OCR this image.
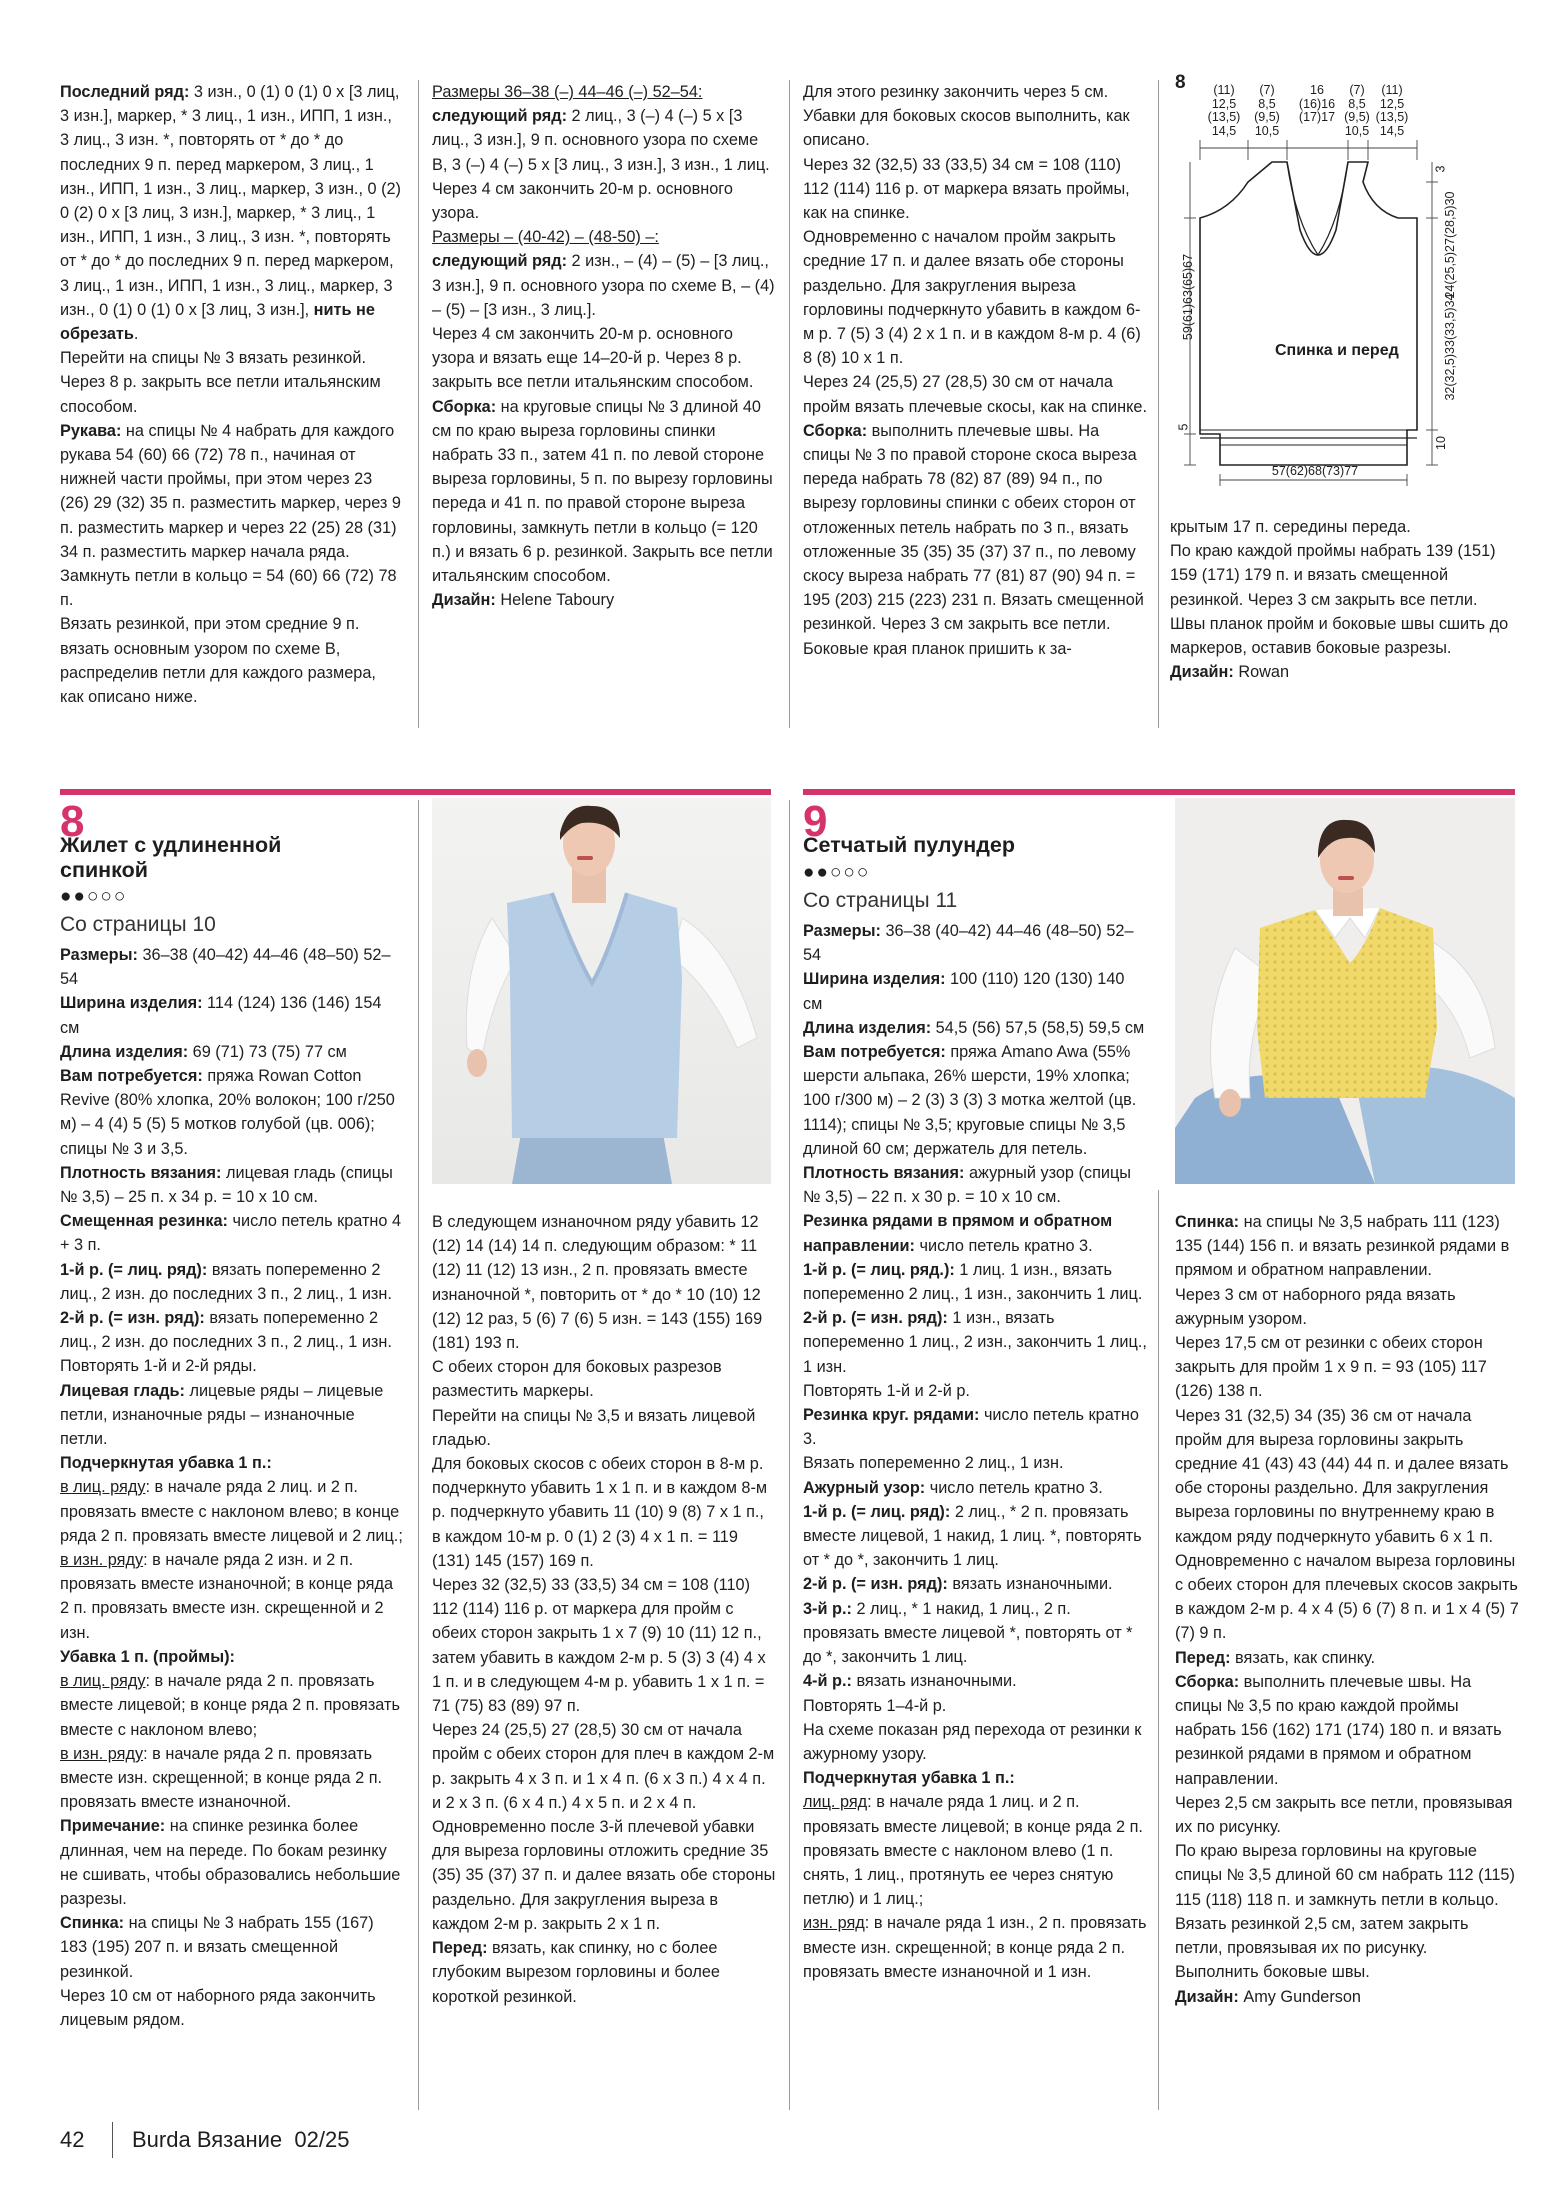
Последний ряд: 3 изн., 0 (1) 0 (1) 0 x [3 лиц, 3 изн.], маркер, * 3 лиц., 1 изн., ИПП, 1 изн., 3 лиц., 3 изн. *, повторять от * до * до последних 9 п. перед маркером, 3 лиц., 1 изн., ИПП, 1 изн., 3 лиц., маркер, 3 изн., 0 (2) 0 (2) 0 x [3 лиц, 3 изн.], маркер, * 3 лиц., 1 изн., ИПП, 1 изн., 3 лиц., 3 изн. *, повторять от * до * до последних 9 п. перед маркером, 3 лиц., 1 изн., ИПП, 1 изн., 3 лиц., маркер, 3 изн., 0 (1) 0 (1) 0 x [3 лиц, 3 изн.], нить не обрезать.

Перейти на спицы № 3 вязать резинкой. Через 8 р. закрыть все петли итальянским способом.

Рукава: на спицы № 4 набрать для каждого рукава 54 (60) 66 (72) 78 п., начиная от нижней части проймы, при этом через 23 (26) 29 (32) 35 п. разместить маркер, через 9 п. разместить маркер и через 22 (25) 28 (31) 34 п. разместить маркер начала ряда. Замкнуть петли в кольцо = 54 (60) 66 (72) 78 п.

Вязать резинкой, при этом средние 9 п. вязать основным узором по схеме В, распределив петли для каждого размера, как описано ниже.

Размеры 36–38 (–) 44–46 (–) 52–54:

следующий ряд: 2 лиц., 3 (–) 4 (–) 5 x [3 лиц., 3 изн.], 9 п. основного узора по схеме В, 3 (–) 4 (–) 5 x [3 лиц., 3 изн.], 3 изн., 1 лиц.

Через 4 см закончить 20-м р. основного узора.

Размеры – (40-42) – (48-50) –:

следующий ряд: 2 изн., – (4) – (5) – [3 лиц., 3 изн.], 9 п. основного узора по схеме В, – (4) – (5) – [3 изн., 3 лиц.].

Через 4 см закончить 20-м р. основного узора и вязать еще 14–20-й р. Через 8 р. закрыть все петли итальянским способом.

Сборка: на круговые спицы № 3 длиной 40 см по краю выреза горловины спинки набрать 33 п., затем 41 п. по левой стороне выреза горловины, 5 п. по вырезу горловины переда и 41 п. по правой стороне выреза горловины, замкнуть петли в кольцо (= 120 п.) и вязать 6 р. резинкой. Закрыть все петли итальянским способом.

Дизайн: Helene Taboury

Для этого резинку закончить через 5 см. Убавки для боковых скосов выполнить, как описано.

Через 32 (32,5) 33 (33,5) 34 см = 108 (110) 112 (114) 116 р. от маркера вязать проймы, как на спинке.

Одновременно с началом пройм закрыть средние 17 п. и далее вязать обе стороны раздельно. Для закругления выреза горловины подчеркнуто убавить в каждом 6-м р. 7 (5) 3 (4) 2 x 1 п. и в каждом 8-м р. 4 (6) 8 (8) 10 x 1 п.

Через 24 (25,5) 27 (28,5) 30 см от начала пройм вязать плечевые скосы, как на спинке.

Сборка: выполнить плечевые швы. На спицы № 3 по правой стороне скоса выреза переда набрать 78 (82) 87 (89) 94 п., по вырезу горловины спинки с обеих сторон от отложенных петель набрать по 3 п., вязать отложенные 35 (35) 35 (37) 37 п., по левому скосу выреза набрать 77 (81) 87 (90) 94 п. = 195 (203) 215 (223) 231 п. Вязать смещенной резинкой. Через 3 см закрыть все петли.

Боковые края планок пришить к за-

8	(11)
12,5
(13,5)
14,5
(7)
8,5
(9,5)
10,5
16
(16)16
(17)17
(7)
8,5
(9,5)
10,5
(11)
12,5
(13,5)
14,5
Спинка и перед
59(61)63(65)67
5
3
24(25,5)27(28,5)30
32(32,5)33(33,5)34
10
57(62)68(73)77

крытым 17 п. середины переда.

По краю каждой проймы набрать 139 (151) 159 (171) 179 п. и вязать смещенной резинкой. Через 3 см закрыть все петли.

Швы планок пройм и боковые швы сшить до маркеров, оставив боковые разрезы.

Дизайн: Rowan

8
Жилет с удлиненной спинкой
●●○○○
Со страницы 10

Размеры: 36–38 (40–42) 44–46 (48–50) 52–54

Ширина изделия: 114 (124) 136 (146) 154 см

Длина изделия: 69 (71) 73 (75) 77 см

Вам потребуется: пряжа Rowan Cotton Revive (80% хлопка, 20% волокон; 100 г/250 м) – 4 (4) 5 (5) 5 мотков голубой (цв. 006); спицы № 3 и 3,5.

Плотность вязания: лицевая гладь (спицы № 3,5) – 25 п. x 34 р. = 10 x 10 см.

Смещенная резинка: число петель кратно 4 + 3 п.

1-й р. (= лиц. ряд): вязать попеременно 2 лиц., 2 изн. до последних 3 п., 2 лиц., 1 изн.

2-й р. (= изн. ряд): вязать попеременно 2 лиц., 2 изн. до последних 3 п., 2 лиц., 1 изн.

Повторять 1-й и 2-й ряды.

Лицевая гладь: лицевые ряды – лицевые петли, изнаночные ряды – изнаночные петли.

Подчеркнутая убавка 1 п.:

в лиц. ряду: в начале ряда 2 лиц. и 2 п. провязать вместе с наклоном влево; в конце ряда 2 п. провязать вместе лицевой и 2 лиц.;

в изн. ряду: в начале ряда 2 изн. и 2 п. провязать вместе изнаночной; в конце ряда 2 п. провязать вместе изн. скрещенной и 2 изн.

Убавка 1 п. (проймы):

в лиц. ряду: в начале ряда 2 п. провязать вместе лицевой; в конце ряда 2 п. провязать вместе с наклоном влево;

в изн. ряду: в начале ряда 2 п. провязать вместе изн. скрещенной; в конце ряда 2 п. провязать вместе изнаночной.

Примечание: на спинке резинка более длинная, чем на переде. По бокам резинку не сшивать, чтобы образовались небольшие разрезы.

Спинка: на спицы № 3 набрать 155 (167) 183 (195) 207 п. и вязать смещенной резинкой.

Через 10 см от наборного ряда закончить лицевым рядом.

В следующем изнаночном ряду убавить 12 (12) 14 (14) 14 п. следующим образом: * 11 (12) 11 (12) 13 изн., 2 п. провязать вместе изнаночной *, повторить от * до * 10 (10) 12 (12) 12 раз, 5 (6) 7 (6) 5 изн. = 143 (155) 169 (181) 193 п.

С обеих сторон для боковых разрезов разместить маркеры.

Перейти на спицы № 3,5 и вязать лицевой гладью.

Для боковых скосов с обеих сторон в 8-м р. подчеркнуто убавить 1 x 1 п. и в каждом 8-м р. подчеркнуто убавить 11 (10) 9 (8) 7 x 1 п., в каждом 10-м р. 0 (1) 2 (3) 4 x 1 п. = 119 (131) 145 (157) 169 п.

Через 32 (32,5) 33 (33,5) 34 см = 108 (110) 112 (114) 116 р. от маркера для пройм с обеих сторон закрыть 1 x 7 (9) 10 (11) 12 п., затем убавить в каждом 2-м р. 5 (3) 3 (4) 4 x 1 п. и в следующем 4-м р. убавить 1 x 1 п. = 71 (75) 83 (89) 97 п.

Через 24 (25,5) 27 (28,5) 30 см от начала пройм с обеих сторон для плеч в каждом 2-м р. закрыть 4 x 3 п. и 1 x 4 п. (6 x 3 п.) 4 x 4 п. и 2 x 3 п. (6 x 4 п.) 4 x 5 п. и 2 x 4 п.

Одновременно после 3-й плечевой убавки для выреза горловины отложить средние 35 (35) 35 (37) 37 п. и далее вязать обе стороны раздельно. Для закругления выреза в каждом 2-м р. закрыть 2 x 1 п.

Перед: вязать, как спинку, но с более глубоким вырезом горловины и более короткой резинкой.

9
Сетчатый пулундер
●●○○○
Со страницы 11

Размеры: 36–38 (40–42) 44–46 (48–50) 52–54

Ширина изделия: 100 (110) 120 (130) 140 см

Длина изделия: 54,5 (56) 57,5 (58,5) 59,5 см

Вам потребуется: пряжа Amano Awa (55% шерсти альпака, 26% шерсти, 19% хлопка; 100 г/300 м) – 2 (3) 3 (3) 3 мотка желтой (цв. 1114); спицы № 3,5; круговые спицы № 3,5 длиной 60 см; держатель для петель.

Плотность вязания: ажурный узор (спицы № 3,5) – 22 п. x 30 р. = 10 x 10 см.

Резинка рядами в прямом и обратном направлении: число петель кратно 3.

1-й р. (= лиц. ряд.): 1 лиц. 1 изн., вязать попеременно 2 лиц., 1 изн., закончить 1 лиц.

2-й р. (= изн. ряд): 1 изн., вязать попеременно 1 лиц., 2 изн., закончить 1 лиц., 1 изн.

Повторять 1-й и 2-й р.

Резинка круг. рядами: число петель кратно 3.

Вязать попеременно 2 лиц., 1 изн.

Ажурный узор: число петель кратно 3.

1-й р. (= лиц. ряд): 2 лиц., * 2 п. провязать вместе лицевой, 1 накид, 1 лиц. *, повторять от * до *, закончить 1 лиц.

2-й р. (= изн. ряд): вязать изнаночными.

3-й р.: 2 лиц., * 1 накид, 1 лиц., 2 п. провязать вместе лицевой *, повторять от * до *, закончить 1 лиц.

4-й р.: вязать изнаночными.

Повторять 1–4-й р.

На схеме показан ряд перехода от резинки к ажурному узору.

Подчеркнутая убавка 1 п.:

лиц. ряд: в начале ряда 1 лиц. и 2 п. провязать вместе лицевой; в конце ряда 2 п. провязать вместе с наклоном влево (1 п. снять, 1 лиц., протянуть ее через снятую петлю) и 1 лиц.;

изн. ряд: в начале ряда 1 изн., 2 п. провязать вместе изн. скрещенной; в конце ряда 2 п. провязать вместе изнаночной и 1 изн.

Спинка: на спицы № 3,5 набрать 111 (123) 135 (144) 156 п. и вязать резинкой рядами в прямом и обратном направлении.

Через 3 см от наборного ряда вязать ажурным узором.

Через 17,5 см от резинки с обеих сторон закрыть для пройм 1 x 9 п. = 93 (105) 117 (126) 138 п.

Через 31 (32,5) 34 (35) 36 см от начала пройм для выреза горловины закрыть средние 41 (43) 43 (44) 44 п. и далее вязать обе стороны раздельно. Для закругления выреза горловины по внутреннему краю в каждом ряду подчеркнуто убавить 6 x 1 п.

Одновременно с началом выреза горловины с обеих сторон для плечевых скосов закрыть в каждом 2-м р. 4 x 4 (5) 6 (7) 8 п. и 1 x 4 (5) 7 (7) 9 п.

Перед: вязать, как спинку.

Сборка: выполнить плечевые швы. На спицы № 3,5 по краю каждой проймы набрать 156 (162) 171 (174) 180 п. и вязать резинкой рядами в прямом и обратном направлении.

Через 2,5 см закрыть все петли, провязывая их по рисунку.

По краю выреза горловины на круговые спицы № 3,5 длиной 60 см набрать 112 (115) 115 (118) 118 п. и замкнуть петли в кольцо.

Вязать резинкой 2,5 см, затем закрыть петли, провязывая их по рисунку.

Выполнить боковые швы.

Дизайн: Amy Gunderson

42 Burda Вязание 02/25
